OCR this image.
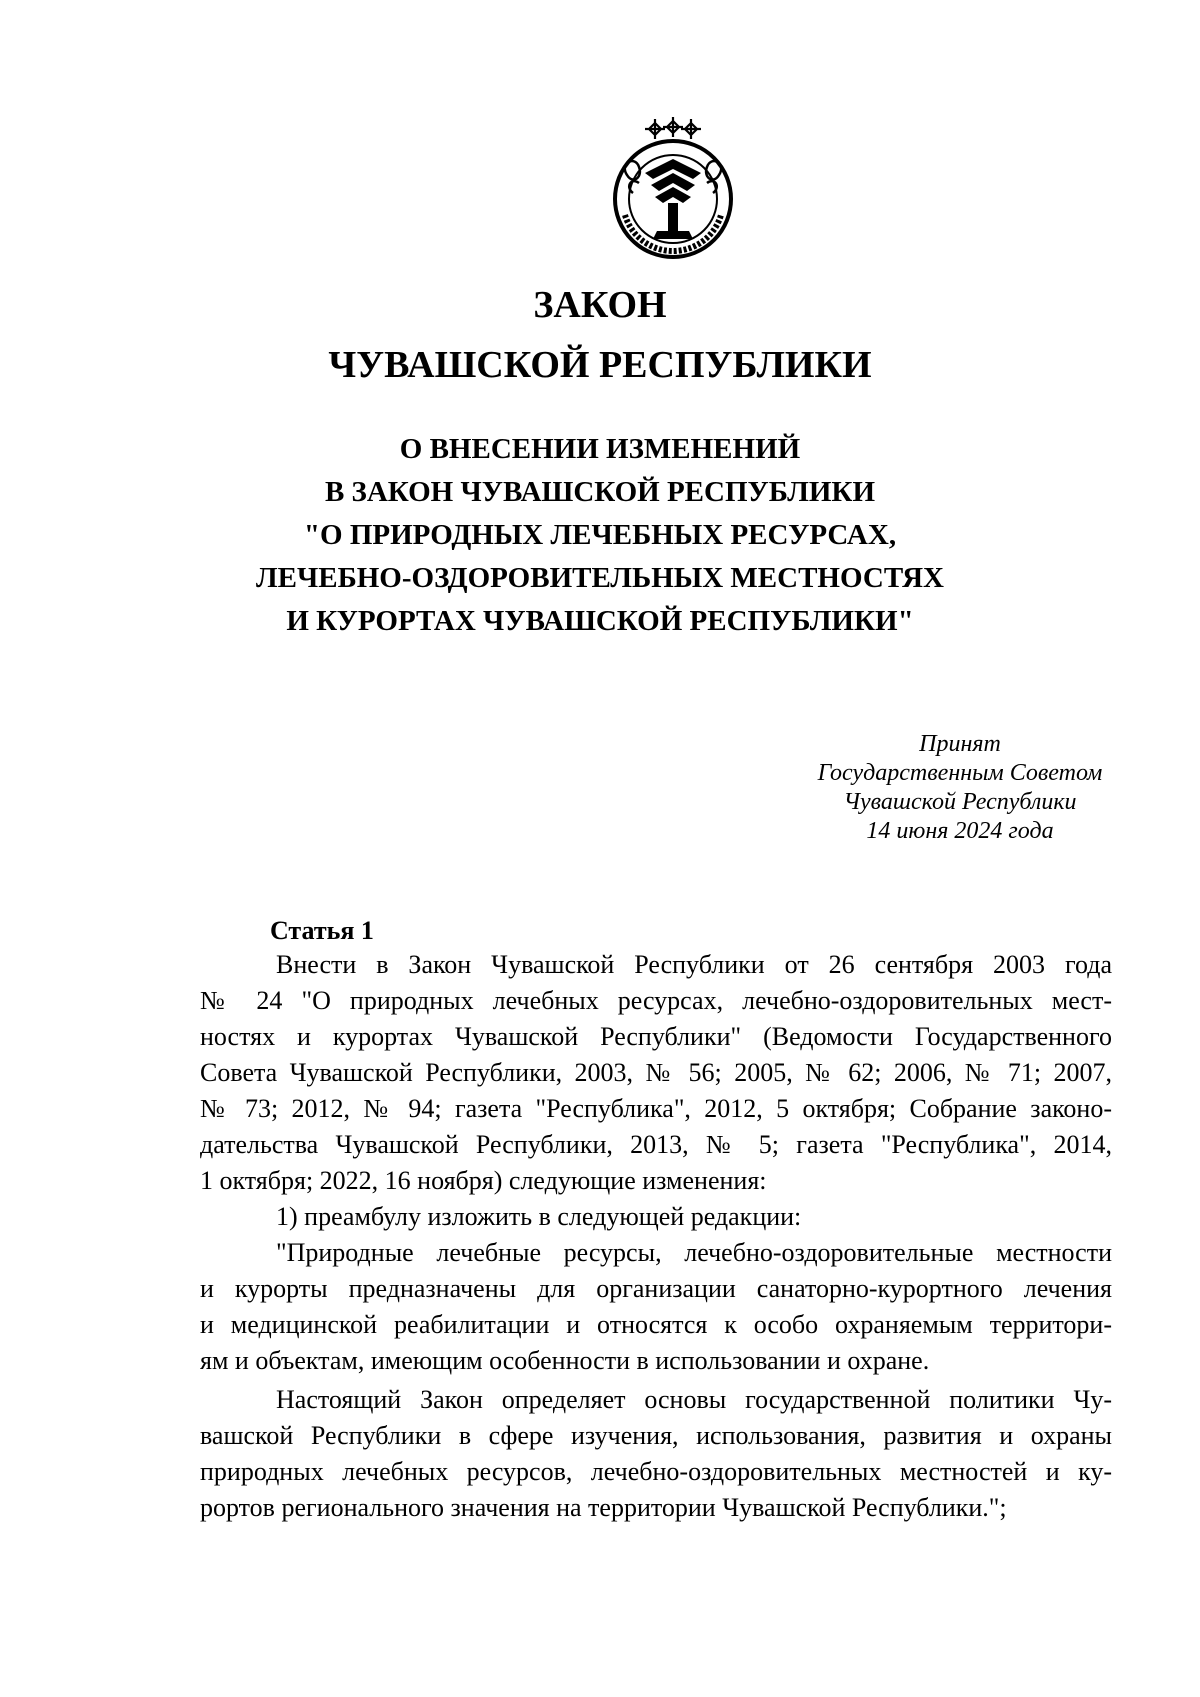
ЗАКОН
ЧУВАШСКОЙ РЕСПУБЛИКИ
О ВНЕСЕНИИ ИЗМЕНЕНИЙ
В ЗАКОН ЧУВАШСКОЙ РЕСПУБЛИКИ
"О ПРИРОДНЫХ ЛЕЧЕБНЫХ РЕСУРСАХ,
ЛЕЧЕБНО-ОЗДОРОВИТЕЛЬНЫХ МЕСТНОСТЯХ
И КУРОРТАХ ЧУВАШСКОЙ РЕСПУБЛИКИ"
Принят
Государственным Советом
Чувашской Республики
14 июня 2024 года
Статья 1
Внести в Закон Чувашской Республики от 26 сентября 2003 года
№ 24 "О природных лечебных ресурсах, лечебно-оздоровительных мест-
ностях и курортах Чувашской Республики" (Ведомости Государственного
Совета Чувашской Республики, 2003, № 56; 2005, № 62; 2006, № 71; 2007,
№ 73; 2012, № 94; газета "Республика", 2012, 5 октября; Собрание законо-
дательства Чувашской Республики, 2013, № 5; газета "Республика", 2014,
1 октября; 2022, 16 ноября) следующие изменения:
1) преамбулу изложить в следующей редакции:
"Природные лечебные ресурсы, лечебно-оздоровительные местности
и курорты предназначены для организации санаторно-курортного лечения
и медицинской реабилитации и относятся к особо охраняемым территори-
ям и объектам, имеющим особенности в использовании и охране.
Настоящий Закон определяет основы государственной политики Чу-
вашской Республики в сфере изучения, использования, развития и охраны
природных лечебных ресурсов, лечебно-оздоровительных местностей и ку-
рортов регионального значения на территории Чувашской Республики.";
